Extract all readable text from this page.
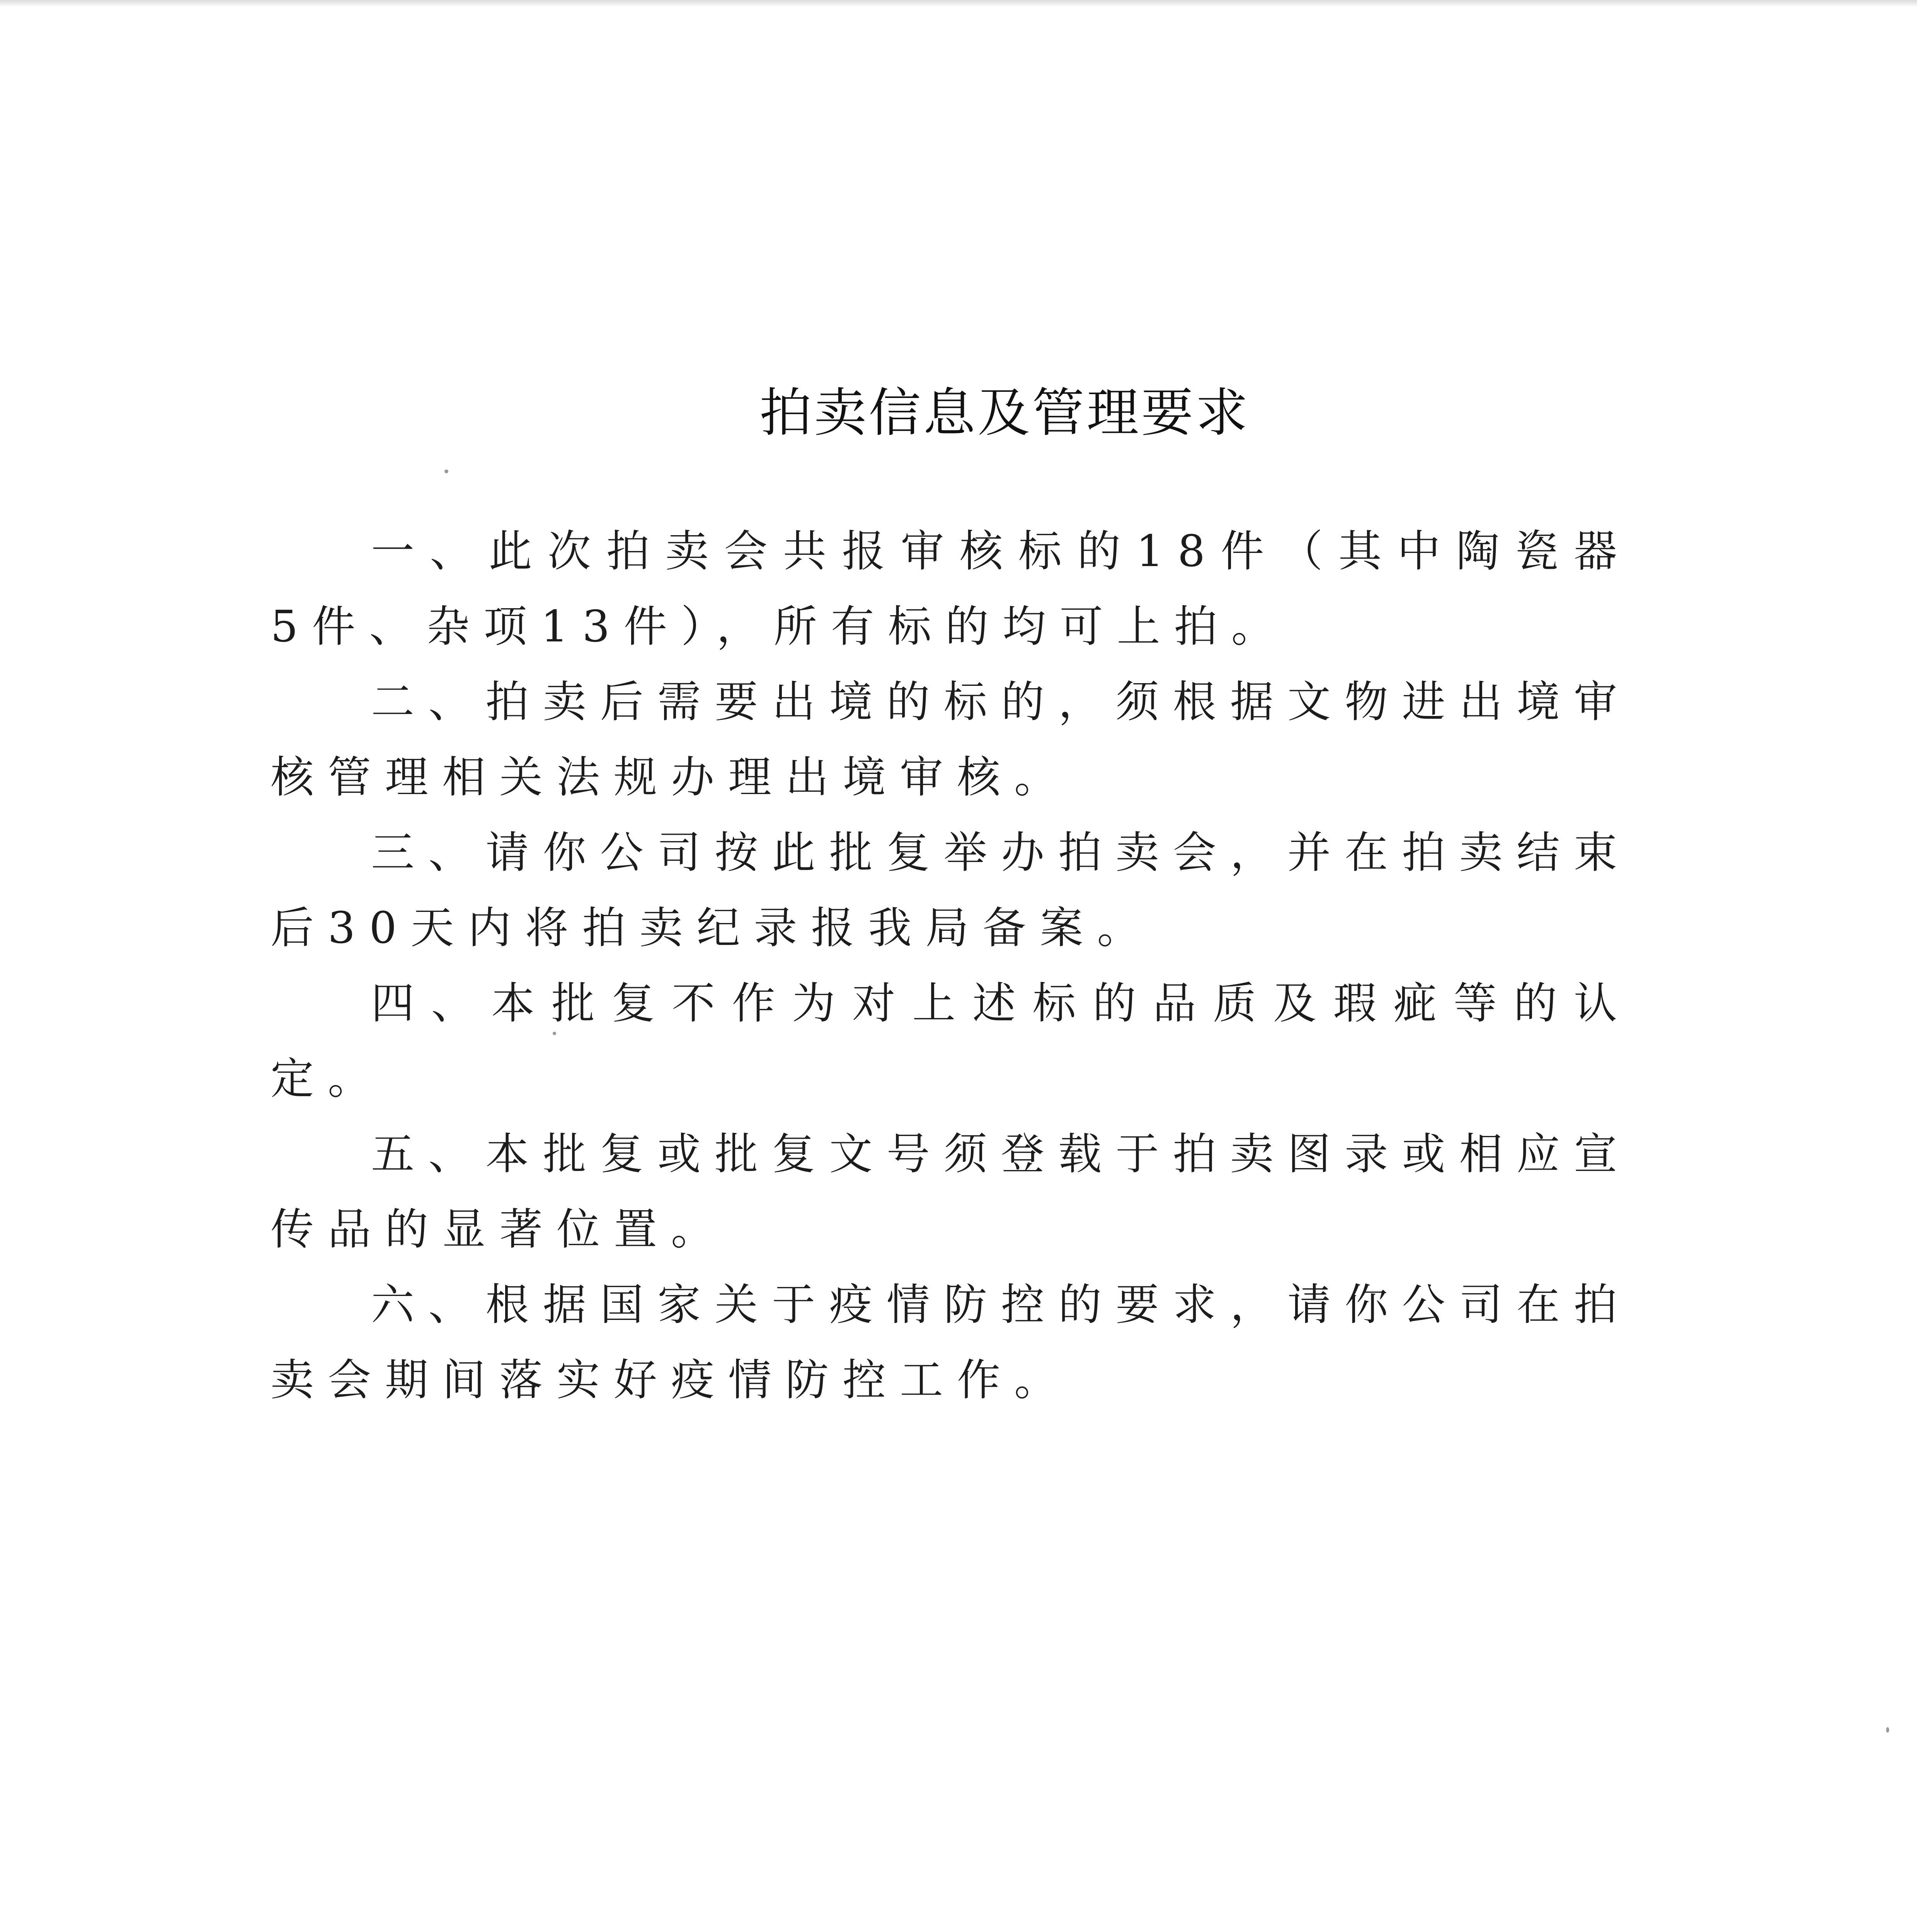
拍卖信息及管理要求

一、此次拍卖会共报审核标的18件（其中陶瓷器5件、杂项13件），所有标的均可上拍。

二、拍卖后需要出境的标的，须根据文物进出境审核管理相关法规办理出境审核。

三、请你公司按此批复举办拍卖会，并在拍卖结束后30天内将拍卖纪录报我局备案。

四、本批复不作为对上述标的品质及瑕疵等的认定。

五、本批复或批复文号须登载于拍卖图录或相应宣传品的显著位置。

六、根据国家关于疫情防控的要求，请你公司在拍卖会期间落实好疫情防控工作。
